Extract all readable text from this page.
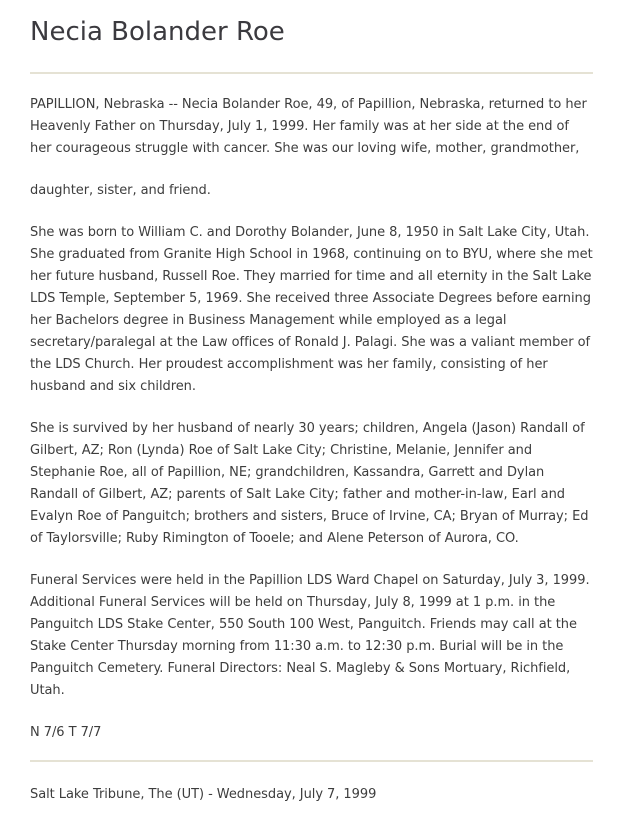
Necia Bolander Roe

PAPILLION, Nebraska -- Necia Bolander Roe, 49, of Papillion, Nebraska, returned to her Heavenly Father on Thursday, July 1, 1999. Her family was at her side at the end of her courageous struggle with cancer. She was our loving wife, mother, grandmother,

daughter, sister, and friend.

She was born to William C. and Dorothy Bolander, June 8, 1950 in Salt Lake City, Utah. She graduated from Granite High School in 1968, continuing on to BYU, where she met her future husband, Russell Roe. They married for time and all eternity in the Salt Lake LDS Temple, September 5, 1969. She received three Associate Degrees before earning her Bachelors degree in Business Management while employed as a legal secretary/paralegal at the Law offices of Ronald J. Palagi. She was a valiant member of the LDS Church. Her proudest accomplishment was her family, consisting of her husband and six children.

She is survived by her husband of nearly 30 years; children, Angela (Jason) Randall of Gilbert, AZ; Ron (Lynda) Roe of Salt Lake City; Christine, Melanie, Jennifer and Stephanie Roe, all of Papillion, NE; grandchildren, Kassandra, Garrett and Dylan Randall of Gilbert, AZ; parents of Salt Lake City; father and mother-in-law, Earl and Evalyn Roe of Panguitch; brothers and sisters, Bruce of Irvine, CA; Bryan of Murray; Ed of Taylorsville; Ruby Rimington of Tooele; and Alene Peterson of Aurora, CO.

Funeral Services were held in the Papillion LDS Ward Chapel on Saturday, July 3, 1999. Additional Funeral Services will be held on Thursday, July 8, 1999 at 1 p.m. in the Panguitch LDS Stake Center, 550 South 100 West, Panguitch. Friends may call at the Stake Center Thursday morning from 11:30 a.m. to 12:30 p.m. Burial will be in the Panguitch Cemetery. Funeral Directors: Neal S. Magleby & Sons Mortuary, Richfield, Utah.

N 7/6 T 7/7

Salt Lake Tribune, The (UT) - Wednesday, July 7, 1999
